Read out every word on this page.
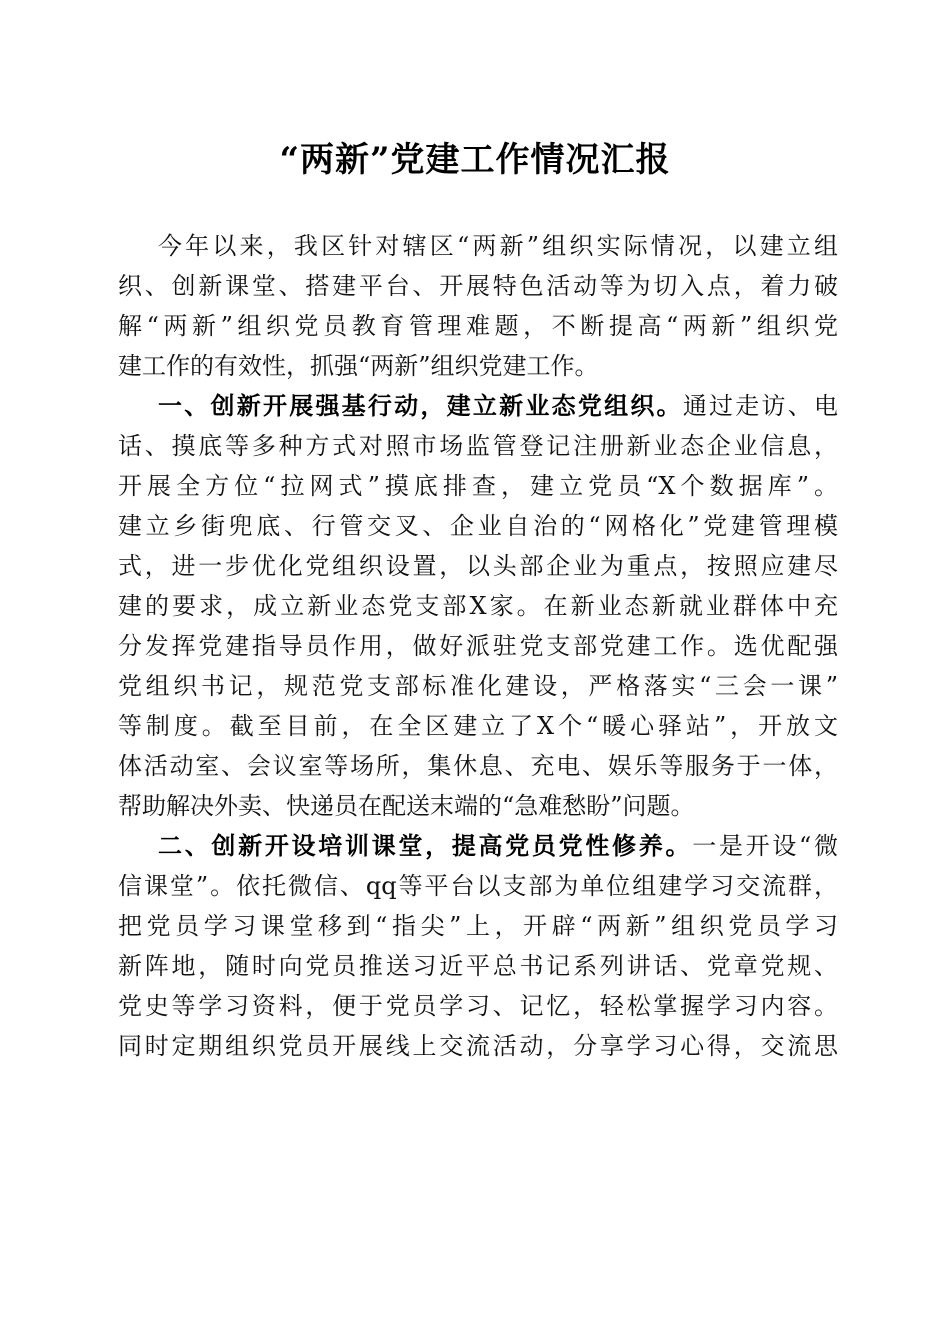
“两新”党建工作情况汇报
今年以来，我区针对辖区“两新”组织实际情况，以建立组
织、创新课堂、搭建平台、开展特色活动等为切入点，着力破
解“两新”组织党员教育管理难题，不断提高“两新”组织党
建工作的有效性，抓强“两新”组织党建工作。
一、创新开展强基行动，建立新业态党组织。通过走访、电
话、摸底等多种方式对照市场监管登记注册新业态企业信息，
开展全方位“拉网式”摸底排查，建立党员“X个数据库”。
建立乡街兜底、行管交叉、企业自治的“网格化”党建管理模
式，进一步优化党组织设置，以头部企业为重点，按照应建尽
建的要求，成立新业态党支部X家。在新业态新就业群体中充
分发挥党建指导员作用，做好派驻党支部党建工作。选优配强
党组织书记，规范党支部标准化建设，严格落实“三会一课”
等制度。截至目前，在全区建立了X个“暖心驿站”，开放文
体活动室、会议室等场所，集休息、充电、娱乐等服务于一体，
帮助解决外卖、快递员在配送末端的“急难愁盼”问题。
二、创新开设培训课堂，提高党员党性修养。一是开设“微
信课堂”。依托微信、qq等平台以支部为单位组建学习交流群，
把党员学习课堂移到“指尖”上，开辟“两新”组织党员学习
新阵地，随时向党员推送习近平总书记系列讲话、党章党规、
党史等学习资料，便于党员学习、记忆，轻松掌握学习内容。
同时定期组织党员开展线上交流活动，分享学习心得，交流思
